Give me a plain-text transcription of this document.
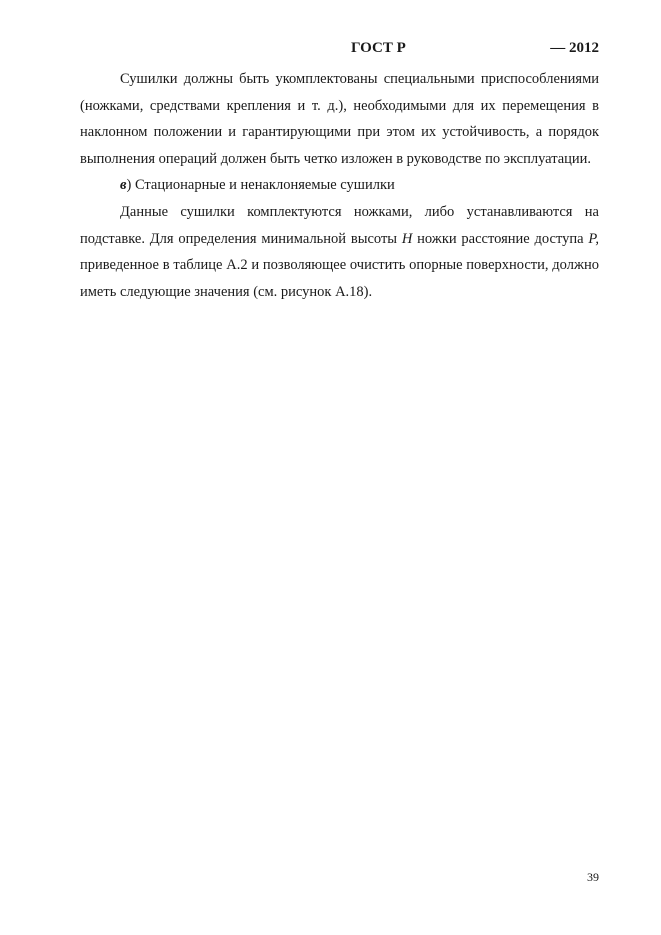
ГОСТ Р	— 2012

Сушилки должны быть укомплектованы специальными приспособлениями (ножками, средствами крепления и т. д.), необходимыми для их перемещения в наклонном положении и гарантирующими при этом их устойчивость, а порядок выполнения операций должен быть четко изложен в руководстве по эксплуатации.

в) Стационарные и ненаклоняемые сушилки

Данные сушилки комплектуются ножками, либо устанавливаются на подставке. Для определения минимальной высоты H ножки расстояние доступа P, приведенное в таблице А.2 и позволяющее очистить опорные поверхности, должно иметь следующие значения (см. рисунок А.18).

39
